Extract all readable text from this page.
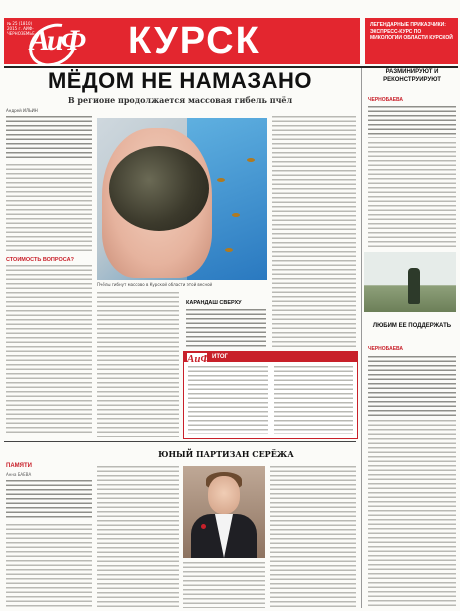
№ 25 (1810) 2015 г. АИФ-ЧЕРНОЗЕМЬЕ
АиФ КУРСК	ЛЕГЕНДАРНЫЕ ПРИКАЗЧИКИ: ЭКСПРЕСС-КУРС ПО МИКОЛОГИИ ОБЛАСТИ КУРСКОЙ
МЁДОМ НЕ НАМАЗАНО
В регионе продолжается массовая гибель пчёл
Андрей ИЛЬИН
СТОИМОСТЬ ВОПРОСА?
Пчёлы гибнут массово в Курской области этой весной
КАРАНДАШ СВЕРХУ
ИТОГ
АиФ
РАЗМИНИРУЮТ И РЕКОНСТРУИРУЮТ
ЧЕРНОБАЕВА
ЛЮБИМ ЕЕ ПОДДЕРЖАТЬ
ЧЕРНОБАЕВА
ЮНЫЙ ПАРТИЗАН СЕРЁЖА
ПАМЯТИ
Анна БАЕВА
